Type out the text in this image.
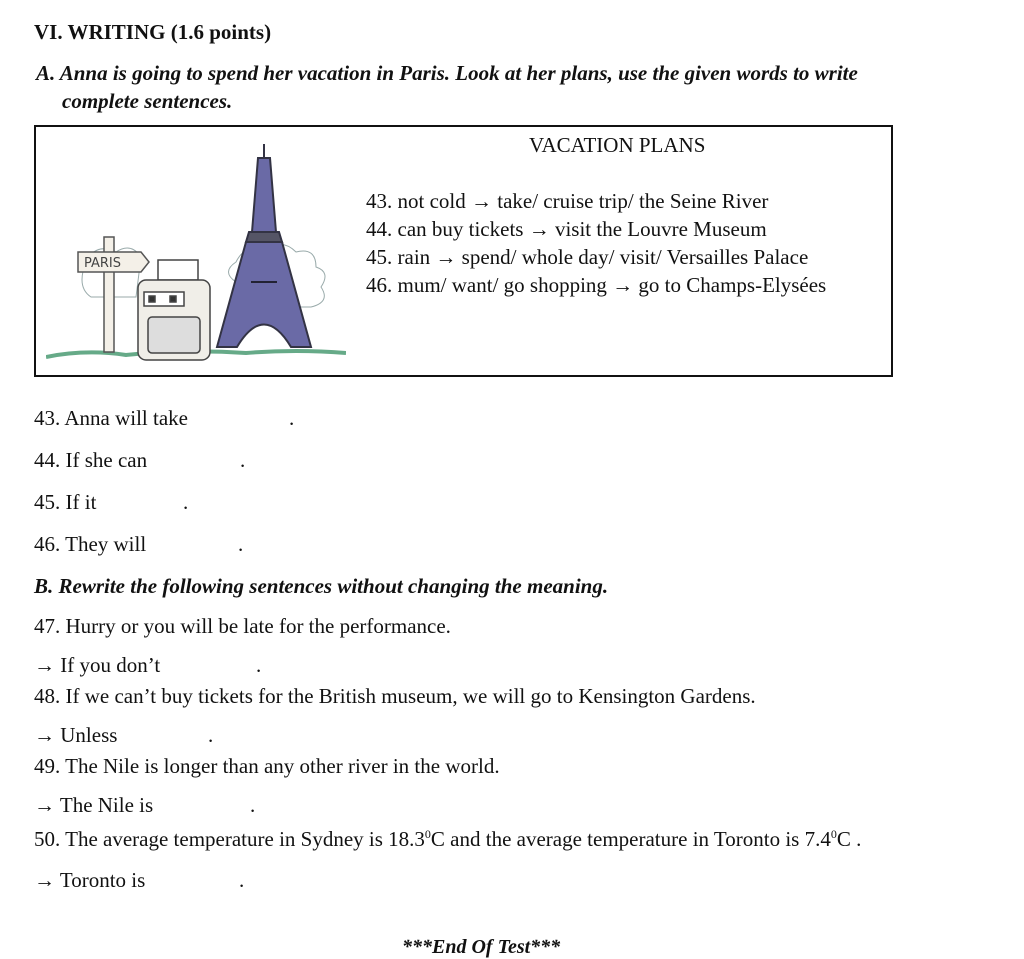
VI. WRITING (1.6 points)
A. Anna is going to spend her vacation in Paris. Look at her plans, use the given words to write
complete sentences.
VACATION PLANS
PARIS
43. not cold → take/ cruise trip/ the Seine River
44. can buy tickets → visit the Louvre Museum
45. rain → spend/ whole day/ visit/ Versailles Palace
46. mum/ want/ go shopping → go to Champs-Elysées
43. Anna will take	.
44. If she can	.
45. If it	.
46. They will	.
B. Rewrite the following sentences without changing the meaning.
47. Hurry or you will be late for the performance.
→ If you don’t	.
48. If we can’t buy tickets for the British museum, we will go to Kensington Gardens.
→ Unless	.
49. The Nile is longer than any other river in the world.
→ The Nile is	.
50. The average temperature in Sydney is 18.3$^0$C and the average temperature in Toronto is $7.4^0C$ .
→ Toronto is	.
***End Of Test***
